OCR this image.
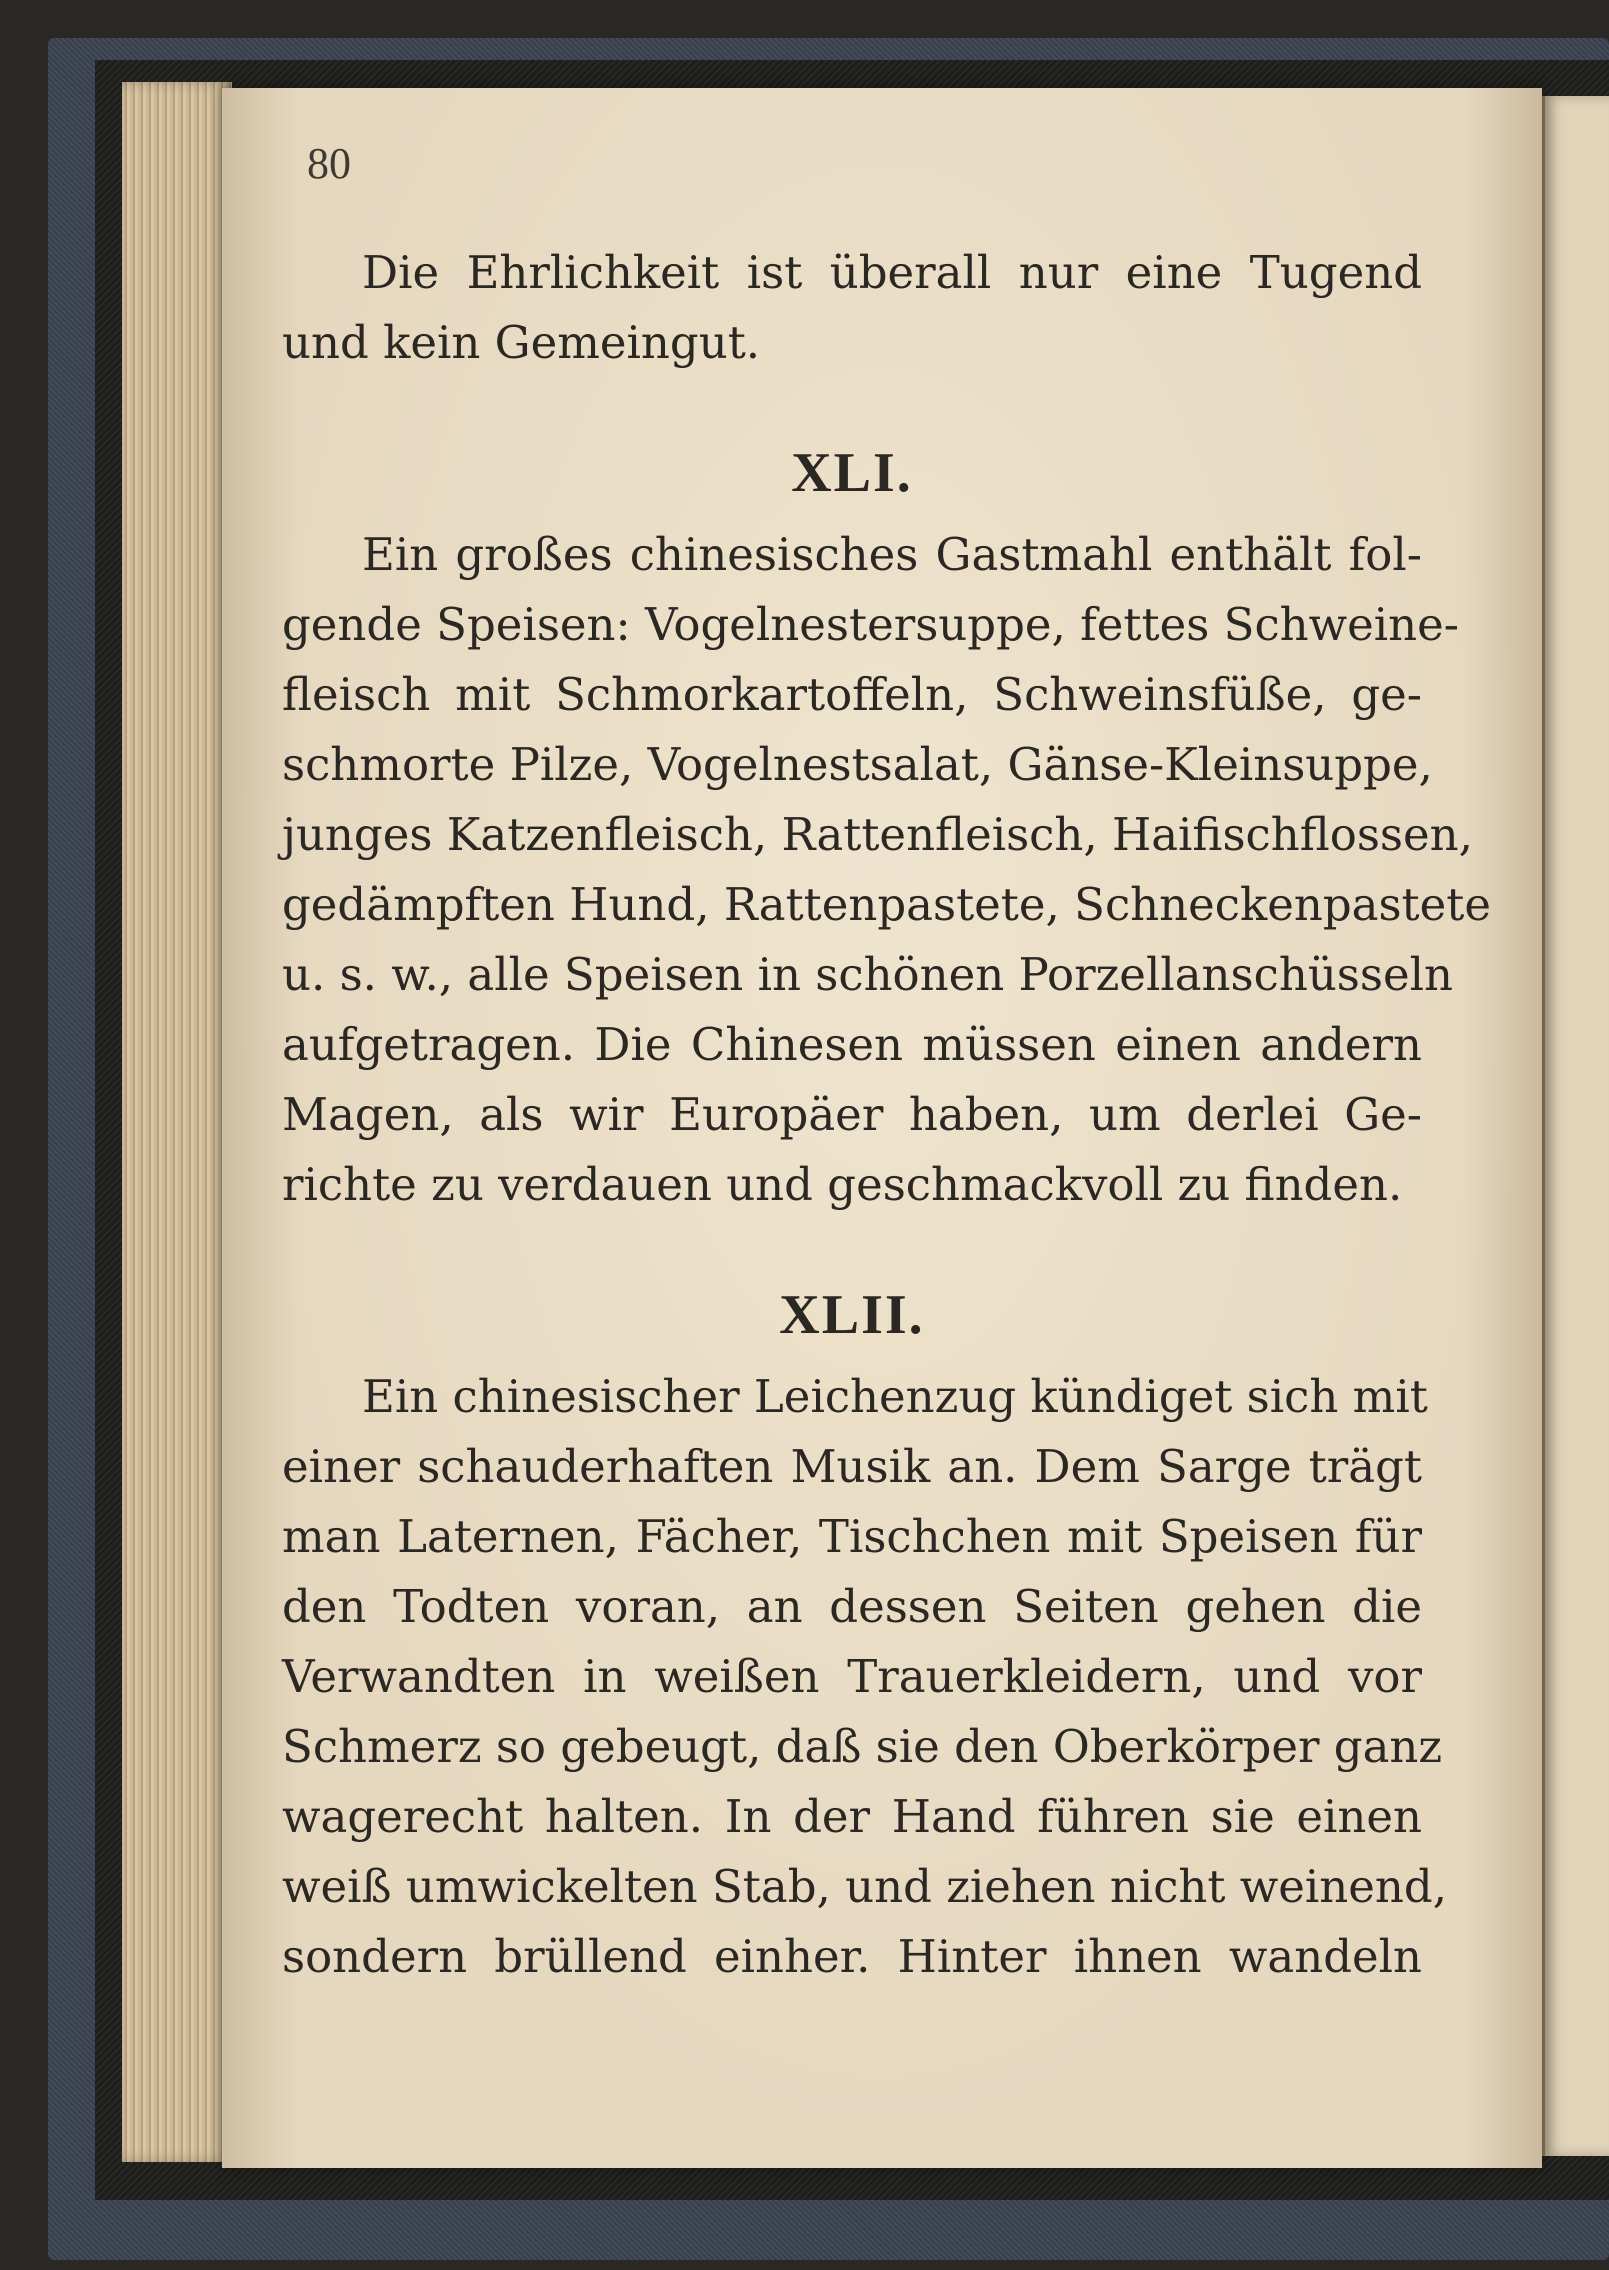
80
Die Ehrlichkeit ist überall nur eine Tugend
und kein Gemeingut.
XLI.
Ein großes chinesisches Gastmahl enthält fol-
gende Speisen: Vogelnestersuppe, fettes Schweine-
fleisch mit Schmorkartoffeln, Schweinsfüße, ge-
schmorte Pilze, Vogelnestsalat, Gänse-Kleinsuppe,
junges Katzenfleisch, Rattenfleisch, Haifischflossen,
gedämpften Hund, Rattenpastete, Schneckenpastete
u. s. w., alle Speisen in schönen Porzellanschüsseln
aufgetragen. Die Chinesen müssen einen andern
Magen, als wir Europäer haben, um derlei Ge-
richte zu verdauen und geschmackvoll zu finden.
XLII.
Ein chinesischer Leichenzug kündiget sich mit
einer schauderhaften Musik an. Dem Sarge trägt
man Laternen, Fächer, Tischchen mit Speisen für
den Todten voran, an dessen Seiten gehen die
Verwandten in weißen Trauerkleidern, und vor
Schmerz so gebeugt, daß sie den Oberkörper ganz
wagerecht halten. In der Hand führen sie einen
weiß umwickelten Stab, und ziehen nicht weinend,
sondern brüllend einher. Hinter ihnen wandeln
